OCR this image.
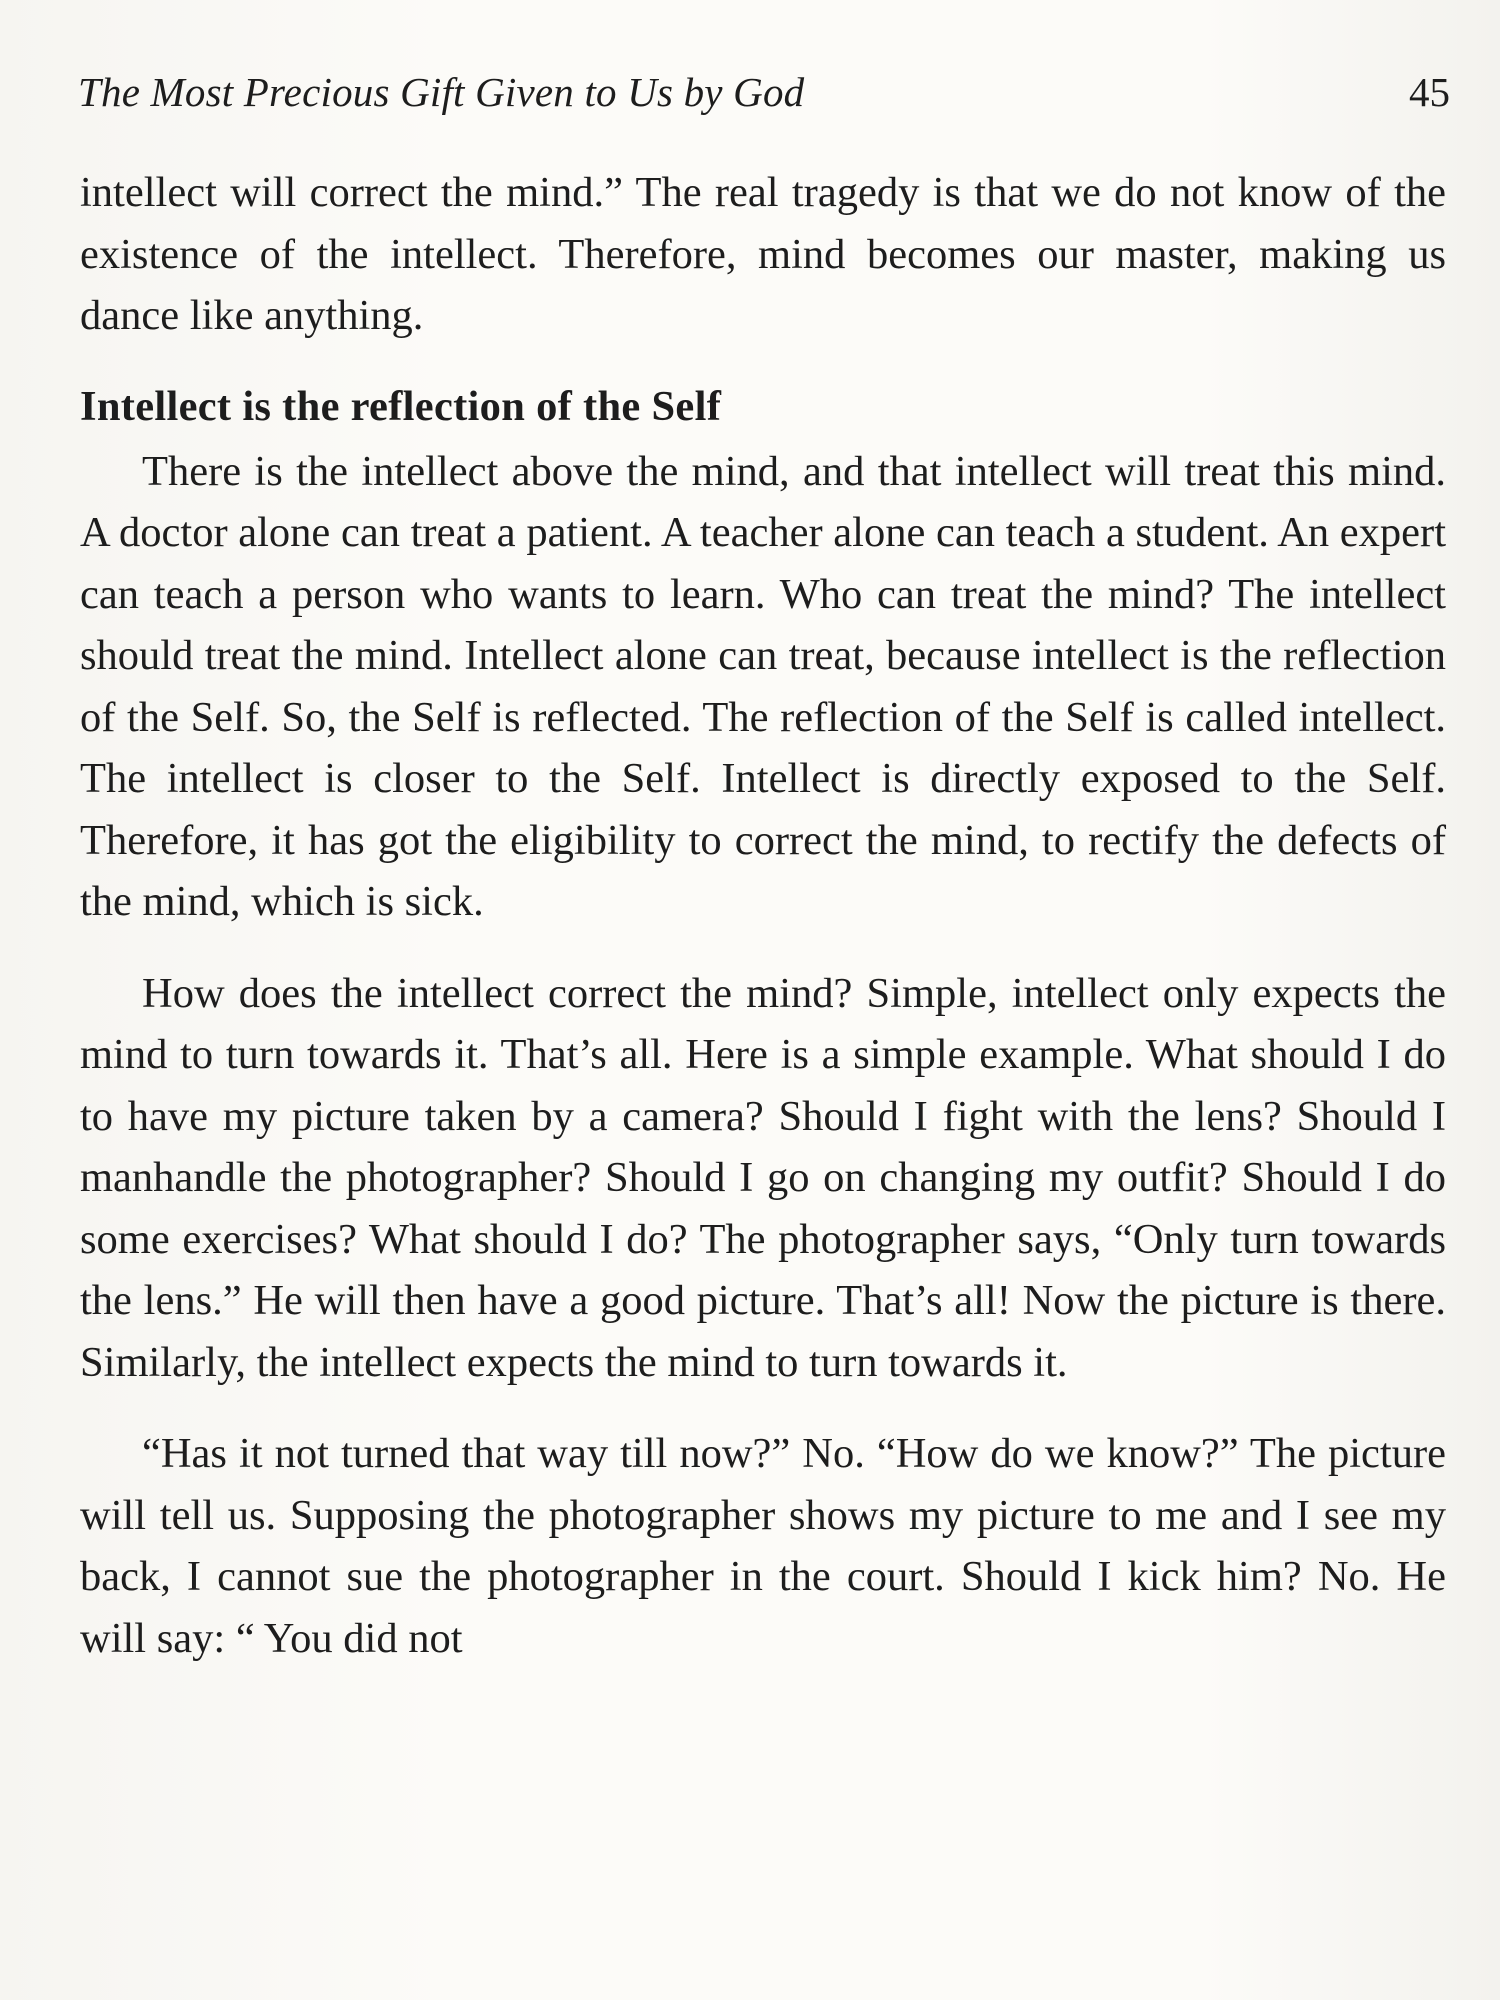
The Most Precious Gift Given to Us by God	45

intellect will correct the mind.” The real tragedy is that we do not know of the existence of the intellect. Therefore, mind becomes our master, making us dance like anything.

Intellect is the reflection of the Self

There is the intellect above the mind, and that intellect will treat this mind. A doctor alone can treat a patient. A teacher alone can teach a student. An expert can teach a person who wants to learn. Who can treat the mind? The intellect should treat the mind. Intellect alone can treat, because intellect is the reflection of the Self. So, the Self is reflected. The reflection of the Self is called intellect. The intellect is closer to the Self. Intellect is directly exposed to the Self. Therefore, it has got the eligibility to correct the mind, to rectify the defects of the mind, which is sick.

How does the intellect correct the mind? Simple, intellect only expects the mind to turn towards it. That’s all. Here is a simple example. What should I do to have my picture taken by a camera? Should I fight with the lens? Should I manhandle the photographer? Should I go on changing my outfit? Should I do some exercises? What should I do? The photographer says, “Only turn towards the lens.” He will then have a good picture. That’s all! Now the picture is there. Similarly, the intellect expects the mind to turn towards it.

“Has it not turned that way till now?” No. “How do we know?” The picture will tell us. Supposing the photographer shows my picture to me and I see my back, I cannot sue the photographer in the court. Should I kick him? No. He will say: “ You did not
